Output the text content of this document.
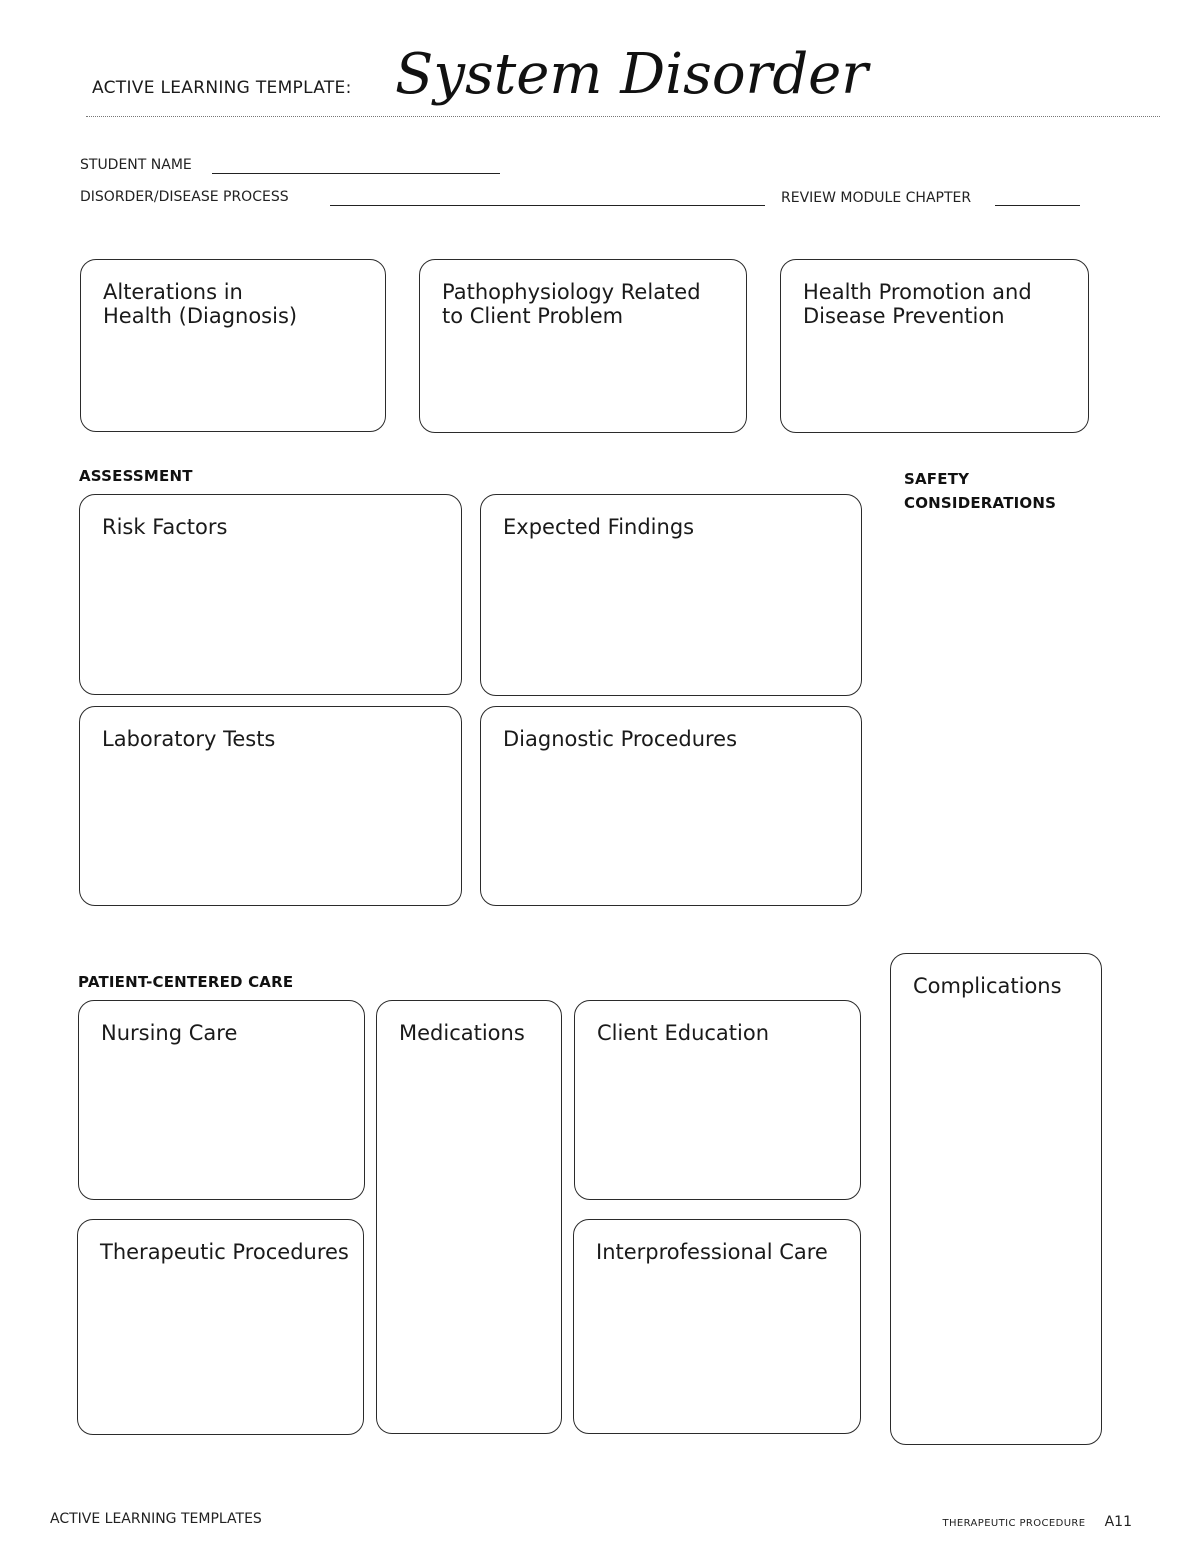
ACTIVE LEARNING TEMPLATE: System Disorder
STUDENT NAME
DISORDER/DISEASE PROCESS	REVIEW MODULE CHAPTER
Alterations in
Health (Diagnosis)
Pathophysiology Related
to Client Problem
Health Promotion and
Disease Prevention
ASSESSMENT	SAFETY
CONSIDERATIONS
Risk Factors	Expected Findings
Laboratory Tests	Diagnostic Procedures
PATIENT-CENTERED CARE
Nursing Care	Medications	Client Education
Therapeutic Procedures	Interprofessional Care
Complications
ACTIVE LEARNING TEMPLATES	THERAPEUTIC PROCEDURE A11
